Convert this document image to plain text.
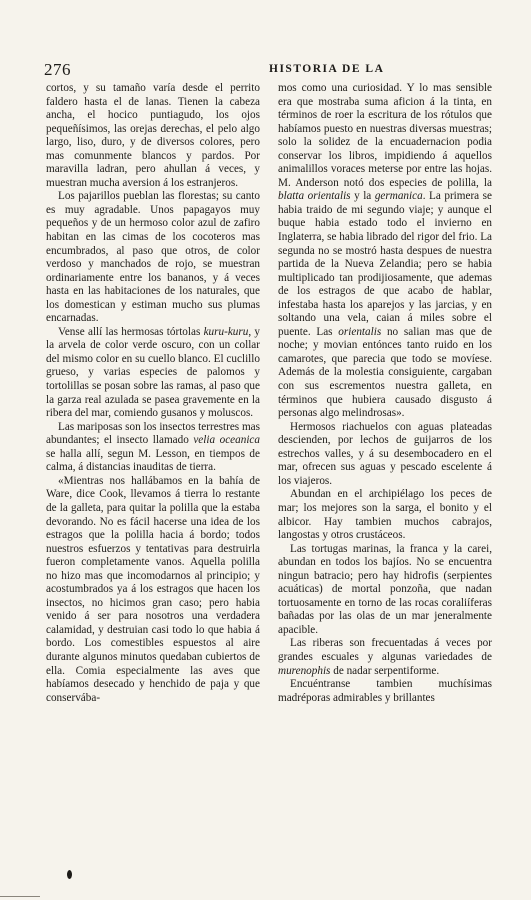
276	HISTORIA DE LA

cortos, y su tamaño varía desde el perrito faldero hasta el de lanas. Tienen la cabeza ancha, el hocico puntiagudo, los ojos pequeñísimos, las orejas derechas, el pelo algo largo, liso, duro, y de diversos colores, pero mas comunmente blancos y pardos. Por maravilla ladran, pero ahullan á veces, y muestran mucha aversion á los estranjeros.

Los pajarillos pueblan las florestas; su canto es muy agradable. Unos papagayos muy pequeños y de un hermoso color azul de zafiro habitan en las cimas de los cocoteros mas encumbrados, al paso que otros, de color verdoso y manchados de rojo, se muestran ordinariamente entre los bananos, y á veces hasta en las habitaciones de los naturales, que los domestican y estiman mucho sus plumas encarnadas.

Vense allí las hermosas tórtolas kuru-kuru, y la arvela de color verde oscuro, con un collar del mismo color en su cuello blanco. El cuclillo grueso, y varias especies de palomos y tortolillas se posan sobre las ramas, al paso que la garza real azulada se pasea gravemente en la ribera del mar, comiendo gusanos y moluscos.

Las mariposas son los insectos terrestres mas abundantes; el insecto llamado velia oceanica se halla allí, segun M. Lesson, en tiempos de calma, á distancias inauditas de tierra.

«Mientras nos hallábamos en la bahía de Ware, dice Cook, llevamos á tierra lo restante de la galleta, para quitar la polilla que la estaba devorando. No es fácil hacerse una idea de los estragos que la polilla hacia á bordo; todos nuestros esfuerzos y tentativas para destruirla fueron completamente vanos. Aquella polilla no hizo mas que incomodarnos al principio; y acostumbrados ya á los estragos que hacen los insectos, no hicimos gran caso; pero habia venido á ser para nosotros una verdadera calamidad, y destruian casi todo lo que habia á bordo. Los comestibles espuestos al aire durante algunos minutos quedaban cubiertos de ella. Comia especialmente las aves que habíamos desecado y henchido de paja y que conservába-

mos como una curiosidad. Y lo mas sensible era que mostraba suma aficion á la tinta, en términos de roer la escritura de los rótulos que habíamos puesto en nuestras diversas muestras; solo la solidez de la encuadernacion podia conservar los libros, impidiendo á aquellos animalillos voraces meterse por entre las hojas. M. Anderson notó dos especies de polilla, la blatta orientalis y la germanica. La primera se habia traido de mi segundo viaje; y aunque el buque habia estado todo el invierno en Inglaterra, se habia librado del rigor del frio. La segunda no se mostró hasta despues de nuestra partida de la Nueva Zelandia; pero se habia multiplicado tan prodijiosamente, que ademas de los estragos de que acabo de hablar, infestaba hasta los aparejos y las jarcias, y en soltando una vela, caian á miles sobre el puente. Las orientalis no salian mas que de noche; y movian entónces tanto ruido en los camarotes, que parecia que todo se movíese. Además de la molestia consiguiente, cargaban con sus escrementos nuestra galleta, en términos que hubiera causado disgusto á personas algo melindrosas».

Hermosos riachuelos con aguas plateadas descienden, por lechos de guijarros de los estrechos valles, y á su desembocadero en el mar, ofrecen sus aguas y pescado escelente á los viajeros.

Abundan en el archipiélago los peces de mar; los mejores son la sarga, el bonito y el albicor. Hay tambien muchos cabrajos, langostas y otros crustáceos.

Las tortugas marinas, la franca y la carei, abundan en todos los bajíos. No se encuentra ningun batracio; pero hay hidrofis (serpientes acuáticas) de mortal ponzoña, que nadan tortuosamente en torno de las rocas coraliíferas bañadas por las olas de un mar jeneralmente apacible.

Las riberas son frecuentadas á veces por grandes escuales y algunas variedades de murenophis de nadar serpentiforme.

Encuéntranse tambien muchísimas madréporas admirables y brillantes
